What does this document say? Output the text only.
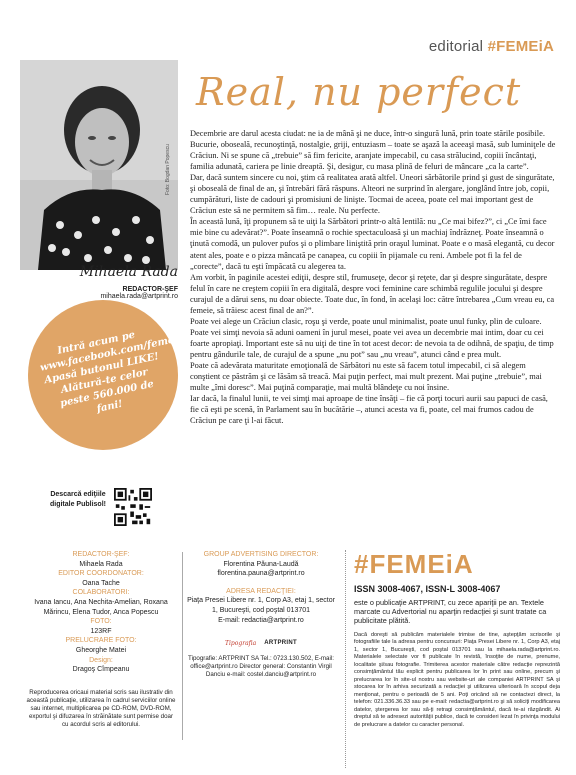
editorial #FEMEiA
Foto: Bogdan Popescu
Mihaela Rada
REDACTOR-ŞEF
mihaela.rada@artprint.ro

Intră acum pe www.facebook.com/femeia.ro. Apasă butonul LIKE! Alătură-te celor peste 560.000 de fani!

Descarcă ediţiile digitale Publisol!
Real, nu perfect

Decembrie are darul acesta ciudat: ne ia de mână şi ne duce, într-o singură lună, prin toate stările posibile. Bucurie, oboseală, recunoştinţă, nostalgie, griji, entuziasm – toate se aşază la aceeaşi masă, sub luminiţele de Crăciun. Ni se spune că „trebuie” să fim fericite, aranjate impecabil, cu casa strălucind, copiii încântaţi, familia adunată, cariera pe linie dreaptă. Şi, desigur, cu masa plină de feluri de mâncare „ca la carte”.

Dar, dacă suntem sincere cu noi, ştim că realitatea arată altfel. Uneori sărbătorile prind şi gust de singurătate, şi oboseală de final de an, şi întrebări fără răspuns. Alteori ne surprind în alergare, jonglând între job, copii, cumpărături, liste de cadouri şi promisiuni de linişte. Tocmai de aceea, poate cel mai important gest de Crăciun este să ne permitem să fim… reale. Nu perfecte.

În această lună, îţi propunem să te uiţi la Sărbători printr-o altă lentilă: nu „Ce mai bifez?”, ci „Ce îmi face mie bine cu adevărat?”. Poate înseamnă o rochie spectaculoasă şi un machiaj îndrăzneţ. Poate înseamnă o ţinută comodă, un pulover pufos şi o plimbare liniştită prin oraşul luminat. Poate e o masă elegantă, cu decor atent ales, poate e o pizza mâncată pe canapea, cu copiii în pijamale cu reni. Ambele pot fi la fel de „corecte”, dacă tu eşti împăcată cu alegerea ta.

Am vorbit, în paginile acestei ediţii, despre stil, frumuseţe, decor şi reţete, dar şi despre singurătate, despre felul în care ne creştem copiii în era digitală, despre voci feminine care schimbă regulile jocului şi despre curajul de a dărui sens, nu doar obiecte. Toate duc, în fond, în acelaşi loc: către întrebarea „Cum vreau eu, ca femeie, să trăiesc acest final de an?”.

Poate vei alege un Crăciun clasic, roşu şi verde, poate unul minimalist, poate unul funky, plin de culoare. Poate vei simţi nevoia să aduni oameni în jurul mesei, poate vei avea un decembrie mai intim, doar cu cei foarte apropiaţi. Important este să nu uiţi de tine în tot acest decor: de nevoia ta de odihnă, de spaţiu, de timp pentru gândurile tale, de curajul de a spune „nu pot” sau „nu vreau”, atunci când e prea mult.

Poate că adevărata maturitate emoţională de Sărbători nu este să facem totul impecabil, ci să alegem conştient ce păstrăm şi ce lăsăm să treacă. Mai puţin perfect, mai mult prezent. Mai puţine „trebuie”, mai multe „îmi doresc”. Mai puţină comparaţie, mai multă blândeţe cu noi însine.

Iar dacă, la finalul lunii, te vei simţi mai aproape de tine însăţi – fie că porţi tocuri aurii sau papuci de casă, fie că eşti pe scenă, în Parlament sau în bucătărie –, atunci acesta va fi, poate, cel mai frumos cadou de Crăciun pe care ţi l-ai făcut.

REDACTOR-ŞEF:
Mihaela Rada
EDITOR COORDONATOR:
Oana Tache
COLABORATORI:
Ivana Iancu, Ana Nechita-Amelian, Roxana Mărincu, Elena Tudor, Anca Popescu
FOTO:
123RF
PRELUCRARE FOTO:
Gheorghe Matei
Design:
Dragoş Cîmpeanu
Reproducerea oricaui material scris sau ilustrativ din această publicaţie, utilizarea în cadrul serviciilor online sau internet, multiplicarea pe CD-ROM, DVD-ROM, exportul şi difuzarea în străinătate sunt permise doar cu acordul scris al editorului.
GROUP ADVERTISING DIRECTOR:
Florentina Păuna-Laudă
florentina.pauna@artprint.ro
ADRESA REDACŢIEI:
Piaţa Presei Libere nr. 1, Corp A3, etaj 1, sector 1, Bucureşti, cod poştal 013701
E-mail: redactia@artprint.ro
Tipografia ARTPRINT
Tipografie: ARTPRINT SA Tel.: 0723.130.502, E-mail: office@artprint.ro Director general: Constantin Virgil Danciu e-mail: costel.danciu@artprint.ro
#FEMEiA
ISSN 3008-4067, ISSN-L 3008-4067
este o publicaţie ARTPRINT, cu zece apariţii pe an. Textele marcate cu Advertorial nu aparţin redacţiei şi sunt tratate ca publicitate plătită.
Dacă doreşti să publicăm materialele trimise de tine, aştepţăm scrisorile şi fotografiile tale la adresa pentru concursuri: Piaţa Presei Libere nr. 1, Corp A3, etaj 1, sector 1, Bucureşti, cod poştal 013701 sau la mihaela.rada@artprint.ro. Materialele selectate vor fi publicate în revistă, însoţite de nume, prenume, localitate şi/sau fotografie. Trimiterea acestor materiale către redacţie reprezintă consimţământul tău explicit pentru publicarea lor în print sau online, precum şi prelucrarea lor în site-ul nostru sau website-uri ale companiei ARTPRINT SA şi stocarea lor în arhiva securizată a redacţiei şi utilizarea ulterioară în scopul deja menţionat, pentru o perioadă de 5 ani. Poţi oricând să ne contactezi direct, la telefon: 021.336.36.33 sau pe e-mail: redactia@artprint.ro şi să soliciţi modificarea datelor, ştergerea lor sau să-ţi retragi consimţământul, dacă te-ai răzgândit. Ai dreptul să te adresezi autorităţii publice, dacă te consideri lezat în privinţa modului de prelucrare a datelor cu caracter personal.
